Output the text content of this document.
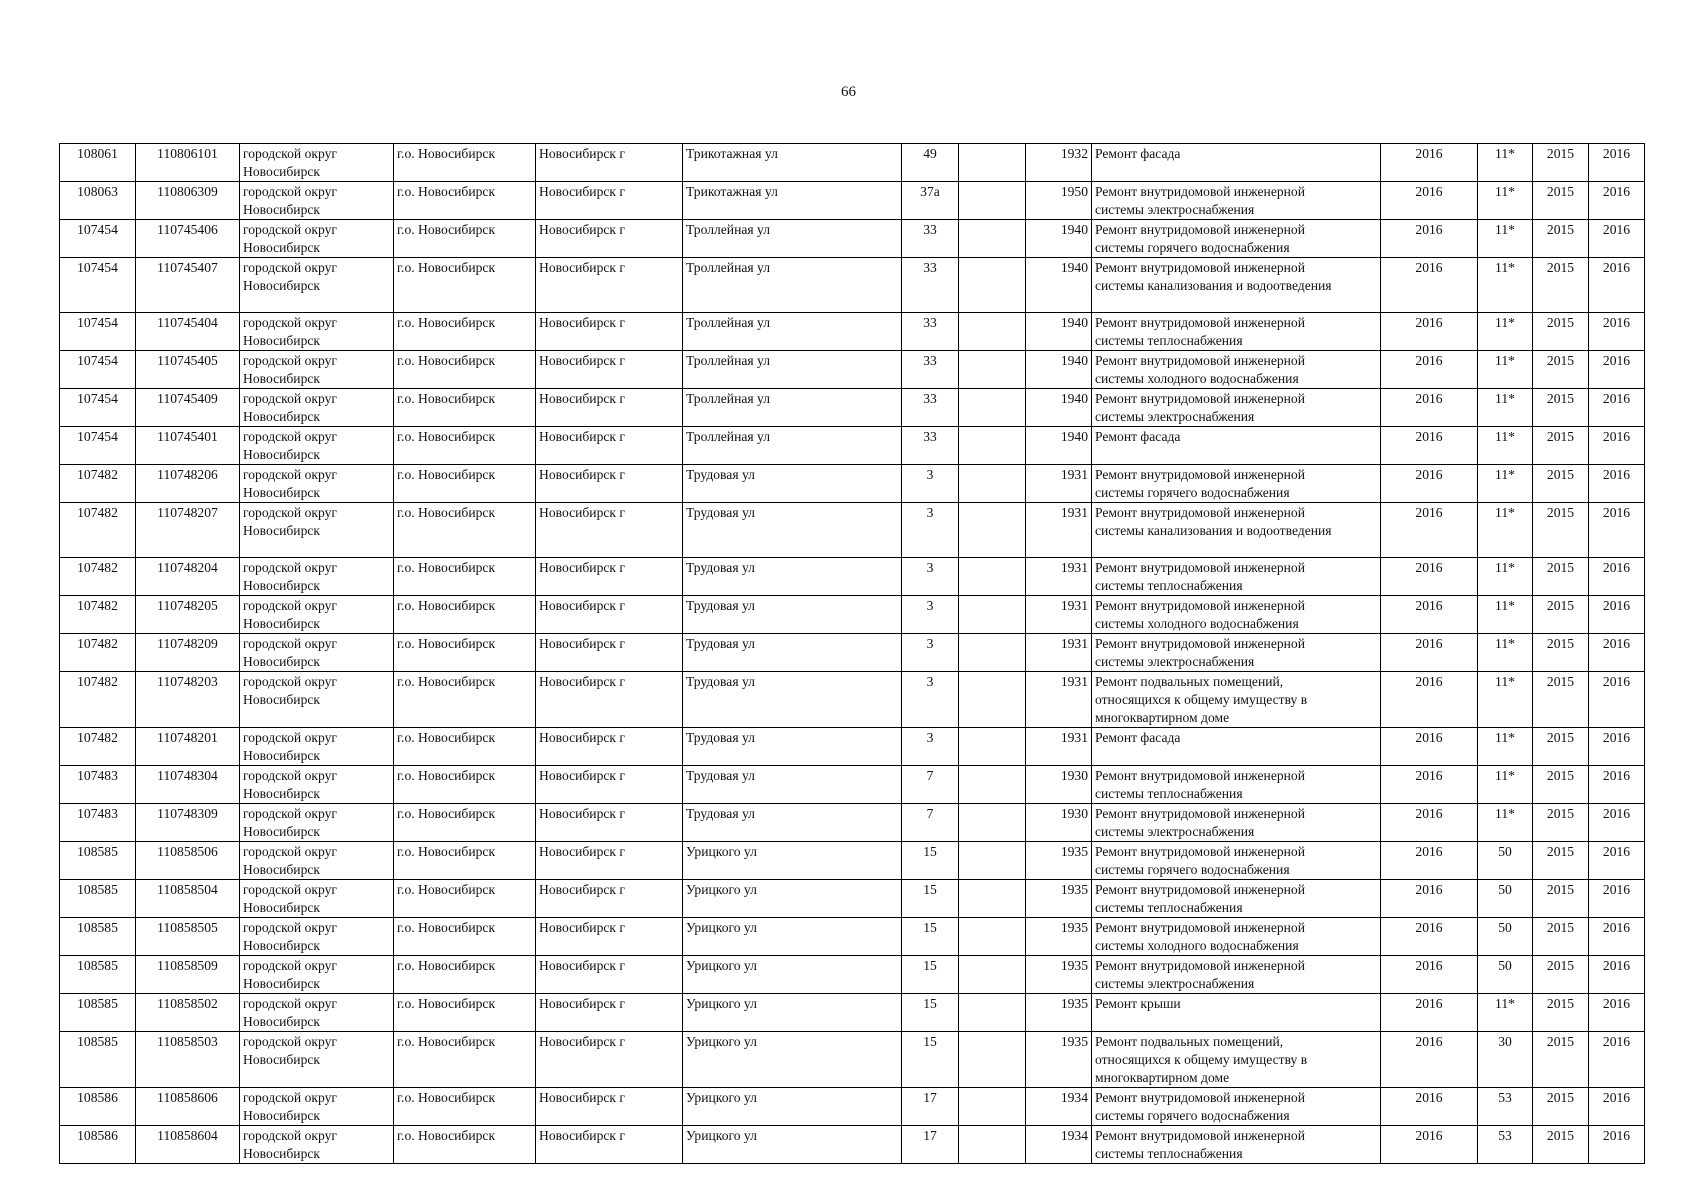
66
108061	110806101	городской округ
Новосибирск	г.о. Новосибирск	Новосибирск г	Трикотажная ул	49		1932	Ремонт фасада	2016	11*	2015	2016
108063	110806309	городской округ
Новосибирск	г.о. Новосибирск	Новосибирск г	Трикотажная ул	37а		1950	Ремонт внутридомовой инженерной
системы электроснабжения	2016	11*	2015	2016
107454	110745406	городской округ
Новосибирск	г.о. Новосибирск	Новосибирск г	Троллейная ул	33		1940	Ремонт внутридомовой инженерной
системы горячего водоснабжения	2016	11*	2015	2016
107454	110745407	городской округ
Новосибирск	г.о. Новосибирск	Новосибирск г	Троллейная ул	33		1940	Ремонт внутридомовой инженерной
системы канализования и водоотведения	2016	11*	2015	2016
107454	110745404	городской округ
Новосибирск	г.о. Новосибирск	Новосибирск г	Троллейная ул	33		1940	Ремонт внутридомовой инженерной
системы теплоснабжения	2016	11*	2015	2016
107454	110745405	городской округ
Новосибирск	г.о. Новосибирск	Новосибирск г	Троллейная ул	33		1940	Ремонт внутридомовой инженерной
системы холодного водоснабжения	2016	11*	2015	2016
107454	110745409	городской округ
Новосибирск	г.о. Новосибирск	Новосибирск г	Троллейная ул	33		1940	Ремонт внутридомовой инженерной
системы электроснабжения	2016	11*	2015	2016
107454	110745401	городской округ
Новосибирск	г.о. Новосибирск	Новосибирск г	Троллейная ул	33		1940	Ремонт фасада	2016	11*	2015	2016
107482	110748206	городской округ
Новосибирск	г.о. Новосибирск	Новосибирск г	Трудовая ул	3		1931	Ремонт внутридомовой инженерной
системы горячего водоснабжения	2016	11*	2015	2016
107482	110748207	городской округ
Новосибирск	г.о. Новосибирск	Новосибирск г	Трудовая ул	3		1931	Ремонт внутридомовой инженерной
системы канализования и водоотведения	2016	11*	2015	2016
107482	110748204	городской округ
Новосибирск	г.о. Новосибирск	Новосибирск г	Трудовая ул	3		1931	Ремонт внутридомовой инженерной
системы теплоснабжения	2016	11*	2015	2016
107482	110748205	городской округ
Новосибирск	г.о. Новосибирск	Новосибирск г	Трудовая ул	3		1931	Ремонт внутридомовой инженерной
системы холодного водоснабжения	2016	11*	2015	2016
107482	110748209	городской округ
Новосибирск	г.о. Новосибирск	Новосибирск г	Трудовая ул	3		1931	Ремонт внутридомовой инженерной
системы электроснабжения	2016	11*	2015	2016
107482	110748203	городской округ
Новосибирск	г.о. Новосибирск	Новосибирск г	Трудовая ул	3		1931	Ремонт подвальных помещений,
относящихся к общему имуществу в
многоквартирном доме	2016	11*	2015	2016
107482	110748201	городской округ
Новосибирск	г.о. Новосибирск	Новосибирск г	Трудовая ул	3		1931	Ремонт фасада	2016	11*	2015	2016
107483	110748304	городской округ
Новосибирск	г.о. Новосибирск	Новосибирск г	Трудовая ул	7		1930	Ремонт внутридомовой инженерной
системы теплоснабжения	2016	11*	2015	2016
107483	110748309	городской округ
Новосибирск	г.о. Новосибирск	Новосибирск г	Трудовая ул	7		1930	Ремонт внутридомовой инженерной
системы электроснабжения	2016	11*	2015	2016
108585	110858506	городской округ
Новосибирск	г.о. Новосибирск	Новосибирск г	Урицкого ул	15		1935	Ремонт внутридомовой инженерной
системы горячего водоснабжения	2016	50	2015	2016
108585	110858504	городской округ
Новосибирск	г.о. Новосибирск	Новосибирск г	Урицкого ул	15		1935	Ремонт внутридомовой инженерной
системы теплоснабжения	2016	50	2015	2016
108585	110858505	городской округ
Новосибирск	г.о. Новосибирск	Новосибирск г	Урицкого ул	15		1935	Ремонт внутридомовой инженерной
системы холодного водоснабжения	2016	50	2015	2016
108585	110858509	городской округ
Новосибирск	г.о. Новосибирск	Новосибирск г	Урицкого ул	15		1935	Ремонт внутридомовой инженерной
системы электроснабжения	2016	50	2015	2016
108585	110858502	городской округ
Новосибирск	г.о. Новосибирск	Новосибирск г	Урицкого ул	15		1935	Ремонт крыши	2016	11*	2015	2016
108585	110858503	городской округ
Новосибирск	г.о. Новосибирск	Новосибирск г	Урицкого ул	15		1935	Ремонт подвальных помещений,
относящихся к общему имуществу в
многоквартирном доме	2016	30	2015	2016
108586	110858606	городской округ
Новосибирск	г.о. Новосибирск	Новосибирск г	Урицкого ул	17		1934	Ремонт внутридомовой инженерной
системы горячего водоснабжения	2016	53	2015	2016
108586	110858604	городской округ
Новосибирск	г.о. Новосибирск	Новосибирск г	Урицкого ул	17		1934	Ремонт внутридомовой инженерной
системы теплоснабжения	2016	53	2015	2016
